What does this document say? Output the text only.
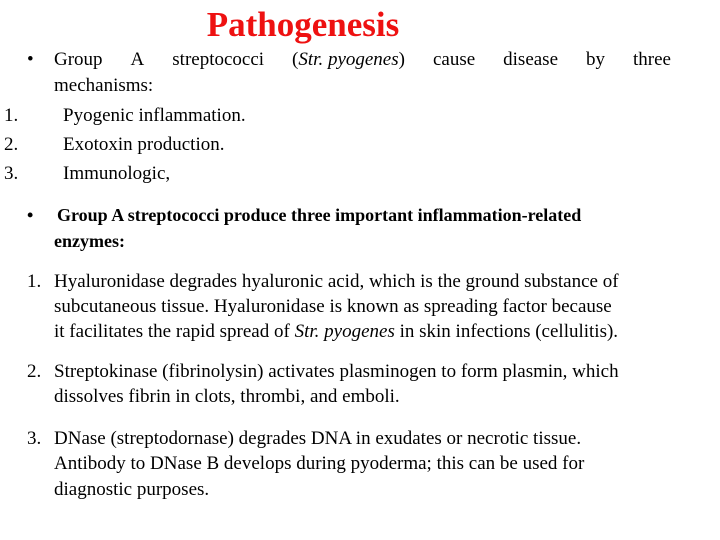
Pathogenesis
• Group A streptococci (Str. pyogenes) cause disease by three
mechanisms:
1. Pyogenic inflammation.
2. Exotoxin production.
3. Immunologic,
• Group A streptococci produce three important inflammation-related
enzymes:
1. Hyaluronidase degrades hyaluronic acid, which is the ground substance of
subcutaneous tissue. Hyaluronidase is known as spreading factor because
it facilitates the rapid spread of Str. pyogenes in skin infections (cellulitis).
2. Streptokinase (fibrinolysin) activates plasminogen to form plasmin, which
dissolves fibrin in clots, thrombi, and emboli.
3. DNase (streptodornase) degrades DNA in exudates or necrotic tissue.
Antibody to DNase B develops during pyoderma; this can be used for
diagnostic purposes.
